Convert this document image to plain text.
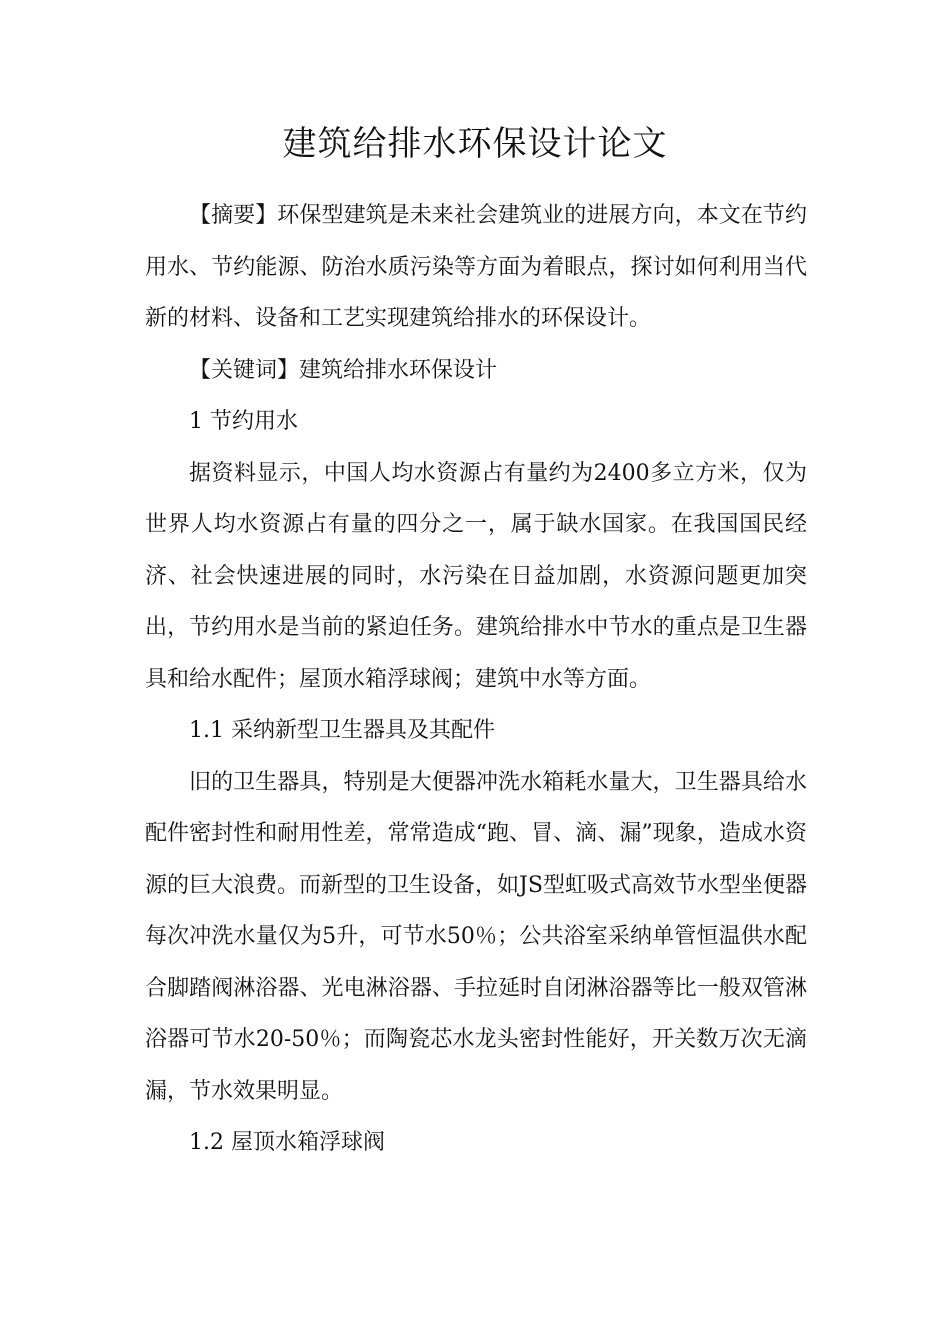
建筑给排水环保设计论文

【摘要】环保型建筑是未来社会建筑业的进展方向，本文在节约用水、节约能源、防治水质污染等方面为着眼点，探讨如何利用当代新的材料、设备和工艺实现建筑给排水的环保设计。

【关键词】建筑给排水环保设计

1 节约用水

据资料显示，中国人均水资源占有量约为2400多立方米，仅为世界人均水资源占有量的四分之一，属于缺水国家。在我国国民经济、社会快速进展的同时，水污染在日益加剧，水资源问题更加突出，节约用水是当前的紧迫任务。建筑给排水中节水的重点是卫生器具和给水配件；屋顶水箱浮球阀；建筑中水等方面。

1.1 采纳新型卫生器具及其配件

旧的卫生器具，特别是大便器冲洗水箱耗水量大，卫生器具给水配件密封性和耐用性差，常常造成“跑、冒、滴、漏”现象，造成水资源的巨大浪费。而新型的卫生设备，如JS型虹吸式高效节水型坐便器每次冲洗水量仅为5升，可节水50％；公共浴室采纳单管恒温供水配合脚踏阀淋浴器、光电淋浴器、手拉延时自闭淋浴器等比一般双管淋浴器可节水20-50％；而陶瓷芯水龙头密封性能好，开关数万次无滴漏，节水效果明显。

1.2 屋顶水箱浮球阀
